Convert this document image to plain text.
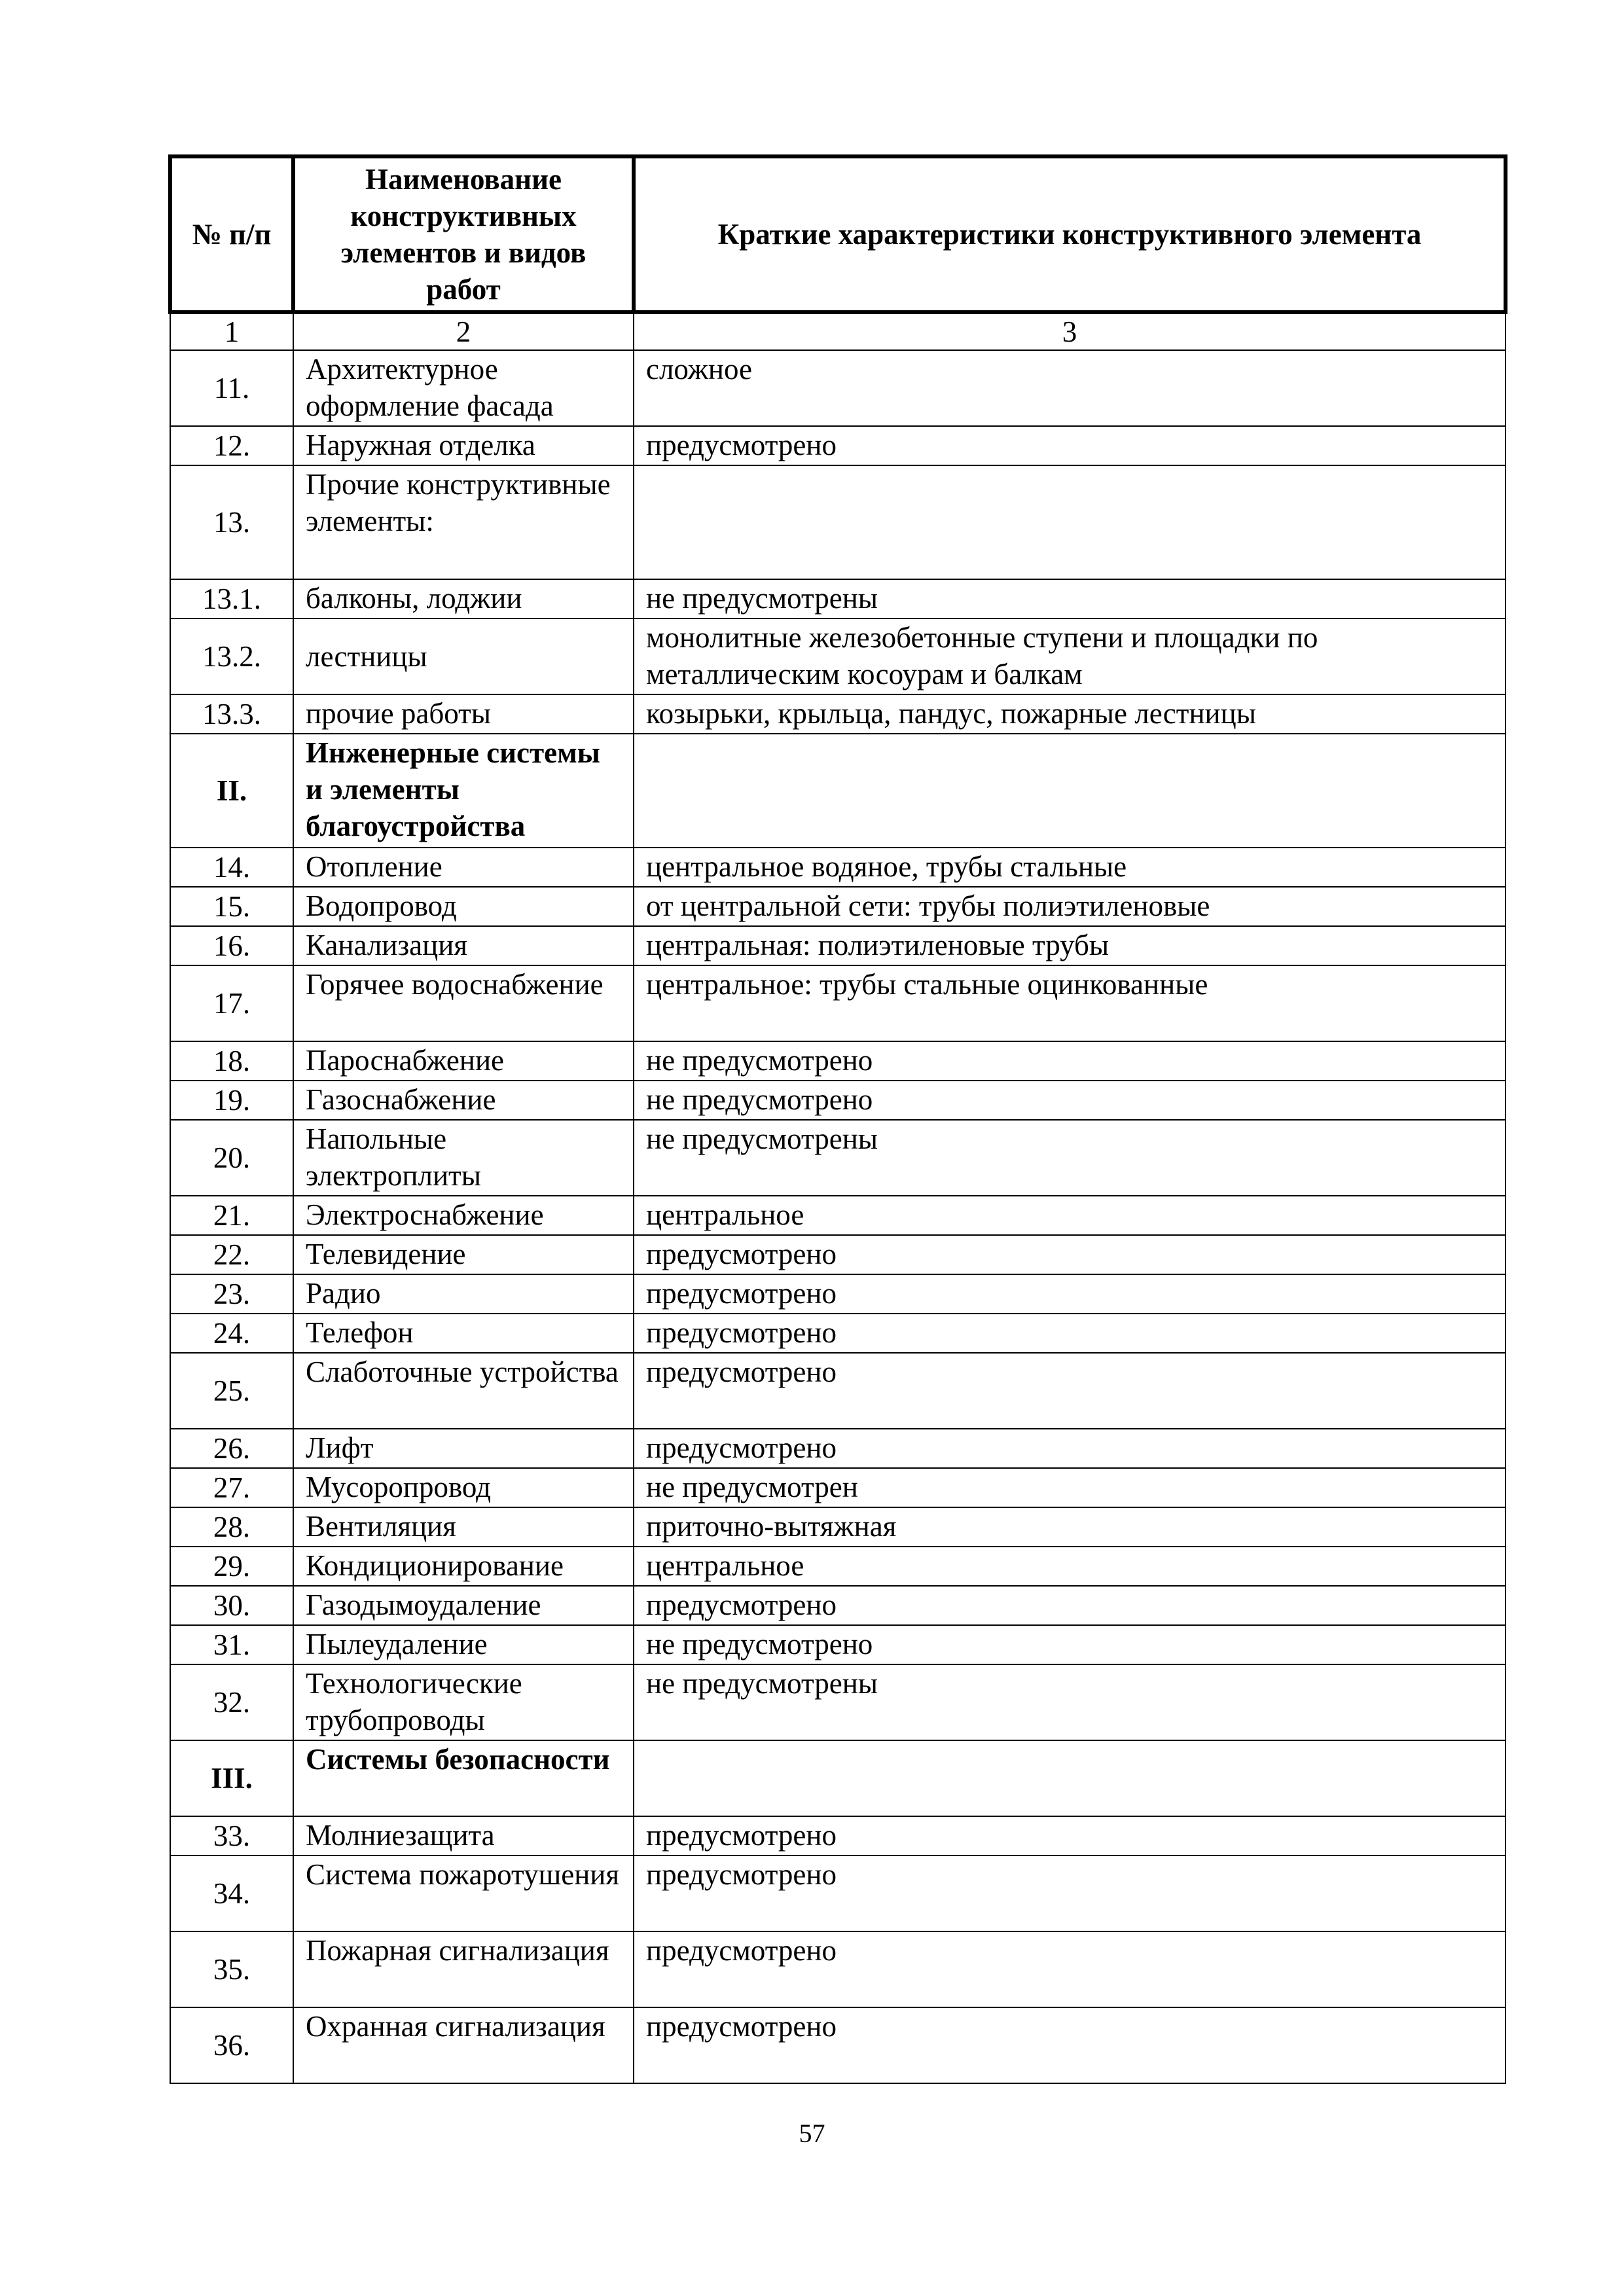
№ п/п	Наименование конструктивных элементов и видов работ	Краткие характеристики конструктивного элемента
1	2	3
11.	Архитектурное оформление фасада	сложное
12.	Наружная отделка	предусмотрено
13.	Прочие конструктивные элементы:	
13.1.	балконы, лоджии	не предусмотрены
13.2.	лестницы	монолитные железобетонные ступени и площадки по металлическим косоурам и балкам
13.3.	прочие работы	козырьки, крыльца, пандус, пожарные лестницы
II.	Инженерные системы и элементы благоустройства	
14.	Отопление	центральное водяное, трубы стальные
15.	Водопровод	от центральной сети: трубы полиэтиленовые
16.	Канализация	центральная: полиэтиленовые трубы
17.	Горячее водоснабжение	центральное: трубы стальные оцинкованные
18.	Пароснабжение	не предусмотрено
19.	Газоснабжение	не предусмотрено
20.	Напольные электроплиты	не предусмотрены
21.	Электроснабжение	центральное
22.	Телевидение	предусмотрено
23.	Радио	предусмотрено
24.	Телефон	предусмотрено
25.	Слаботочные устройства	предусмотрено
26.	Лифт	предусмотрено
27.	Мусоропровод	не предусмотрен
28.	Вентиляция	приточно-вытяжная
29.	Кондиционирование	центральное
30.	Газодымоудаление	предусмотрено
31.	Пылеудаление	не предусмотрено
32.	Технологические трубопроводы	не предусмотрены
III.	Системы безопасности	
33.	Молниезащита	предусмотрено
34.	Система пожаротушения	предусмотрено
35.	Пожарная сигнализация	предусмотрено
36.	Охранная сигнализация	предусмотрено
57
